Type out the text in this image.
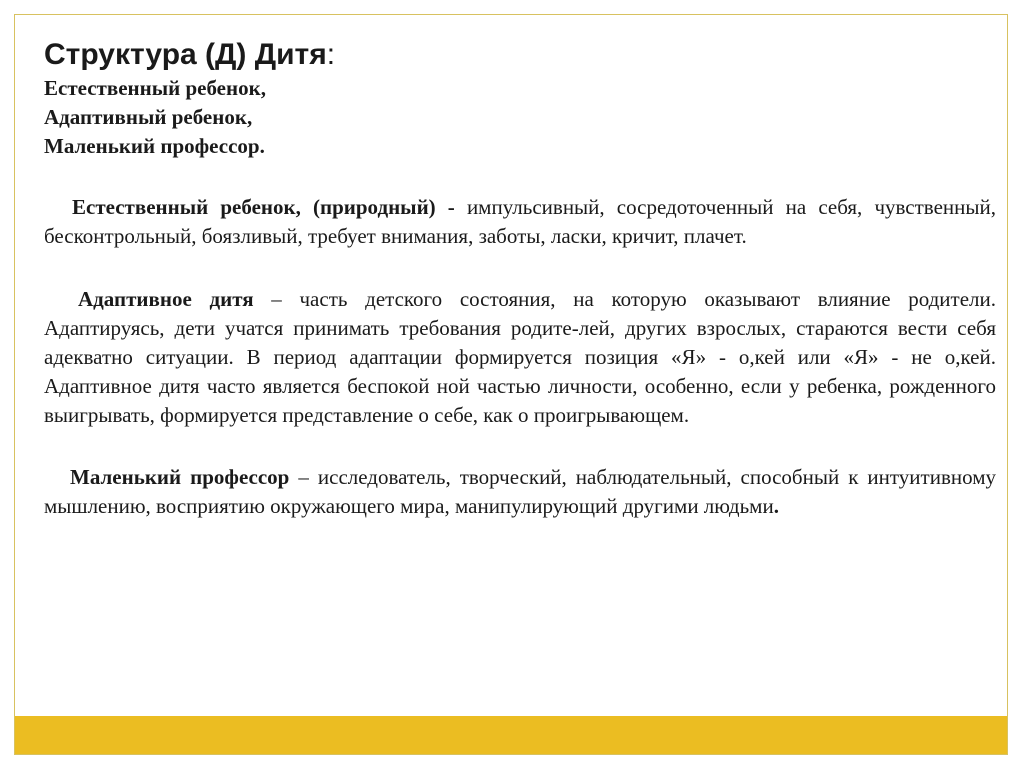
Структура (Д) Дитя:

Естественный ребенок,

Адаптивный ребенок,

Маленький профессор.

Естественный ребенок, (природный) - импульсивный, сосредоточенный на себя, чувственный, бесконтрольный, боязливый, требует внимания, заботы, ласки, кричит, плачет.

Адаптивное дитя – часть детского состояния, на которую оказывают влияние родители. Адаптируясь, дети учатся принимать требования родите-лей, других взрослых, стараются вести себя адекватно ситуации. В период адаптации формируется позиция «Я» - о,кей или «Я» - не о,кей. Адаптивное дитя часто является беспокой ной частью личности, особенно, если у ребенка, рожденного выигрывать, формируется представление о себе, как о проигрывающем.

Маленький профессор – исследователь, творческий, наблюдательный, способный к интуитивному мышлению, восприятию окружающего мира, манипулирующий другими людьми.
